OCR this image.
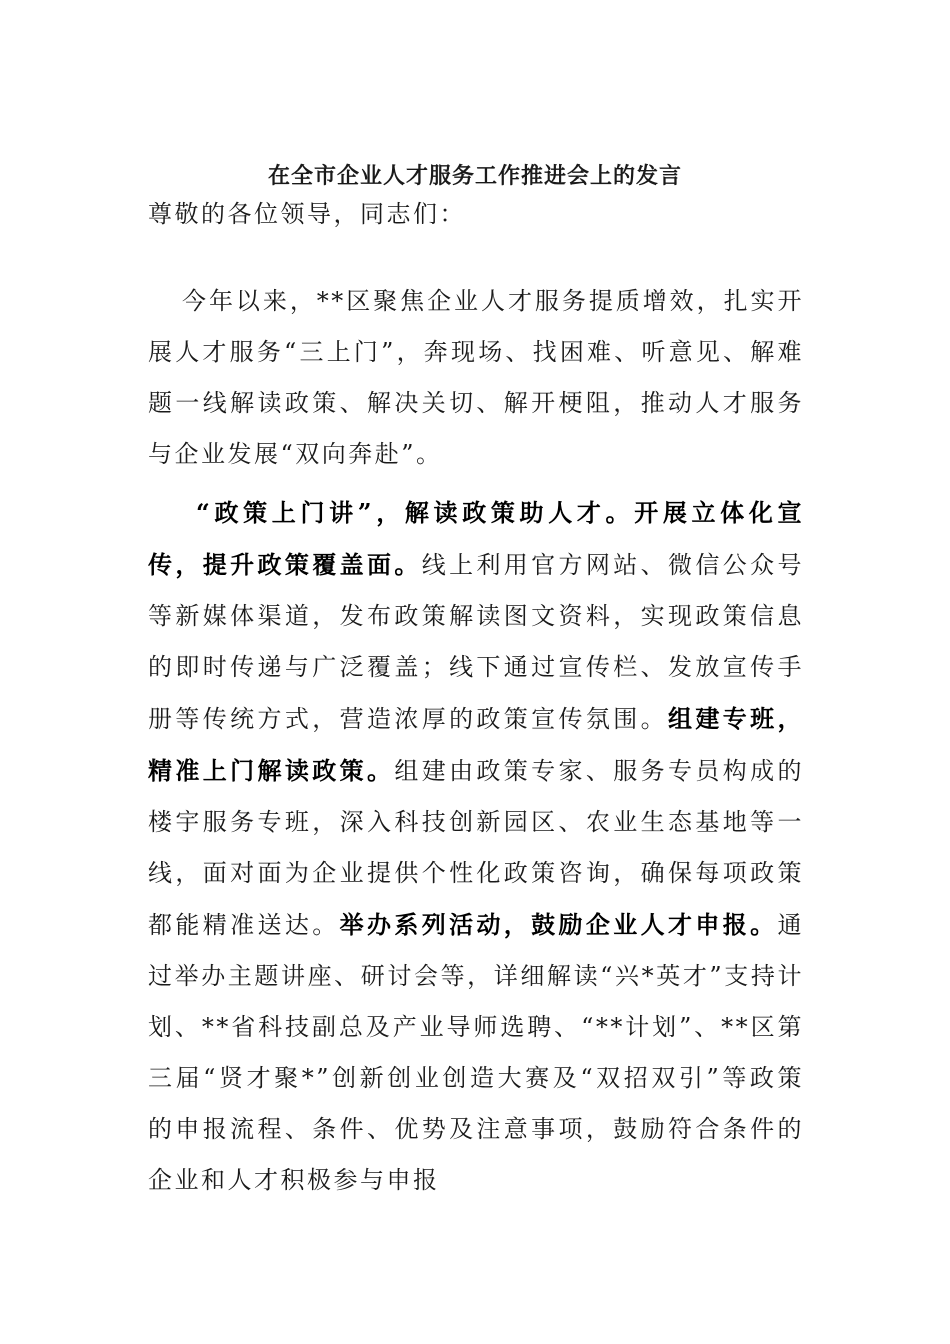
在全市企业人才服务工作推进会上的发言

尊敬的各位领导，同志们：

今年以来，**区聚焦企业人才服务提质增效，扎实开展人才服务“三上门”，奔现场、找困难、听意见、解难题一线解读政策、解决关切、解开梗阻，推动人才服务与企业发展“双向奔赴”。

“政策上门讲”，解读政策助人才。开展立体化宣传，提升政策覆盖面。线上利用官方网站、微信公众号等新媒体渠道，发布政策解读图文资料，实现政策信息的即时传递与广泛覆盖；线下通过宣传栏、发放宣传手册等传统方式，营造浓厚的政策宣传氛围。组建专班，精准上门解读政策。组建由政策专家、服务专员构成的楼宇服务专班，深入科技创新园区、农业生态基地等一线，面对面为企业提供个性化政策咨询，确保每项政策都能精准送达。举办系列活动，鼓励企业人才申报。通过举办主题讲座、研讨会等，详细解读“兴*英才”支持计划、**省科技副总及产业导师选聘、“**计划”、**区第三届“贤才聚*”创新创业创造大赛及“双招双引”等政策的申报流程、条件、优势及注意事项，鼓励符合条件的企业和人才积极参与申报
